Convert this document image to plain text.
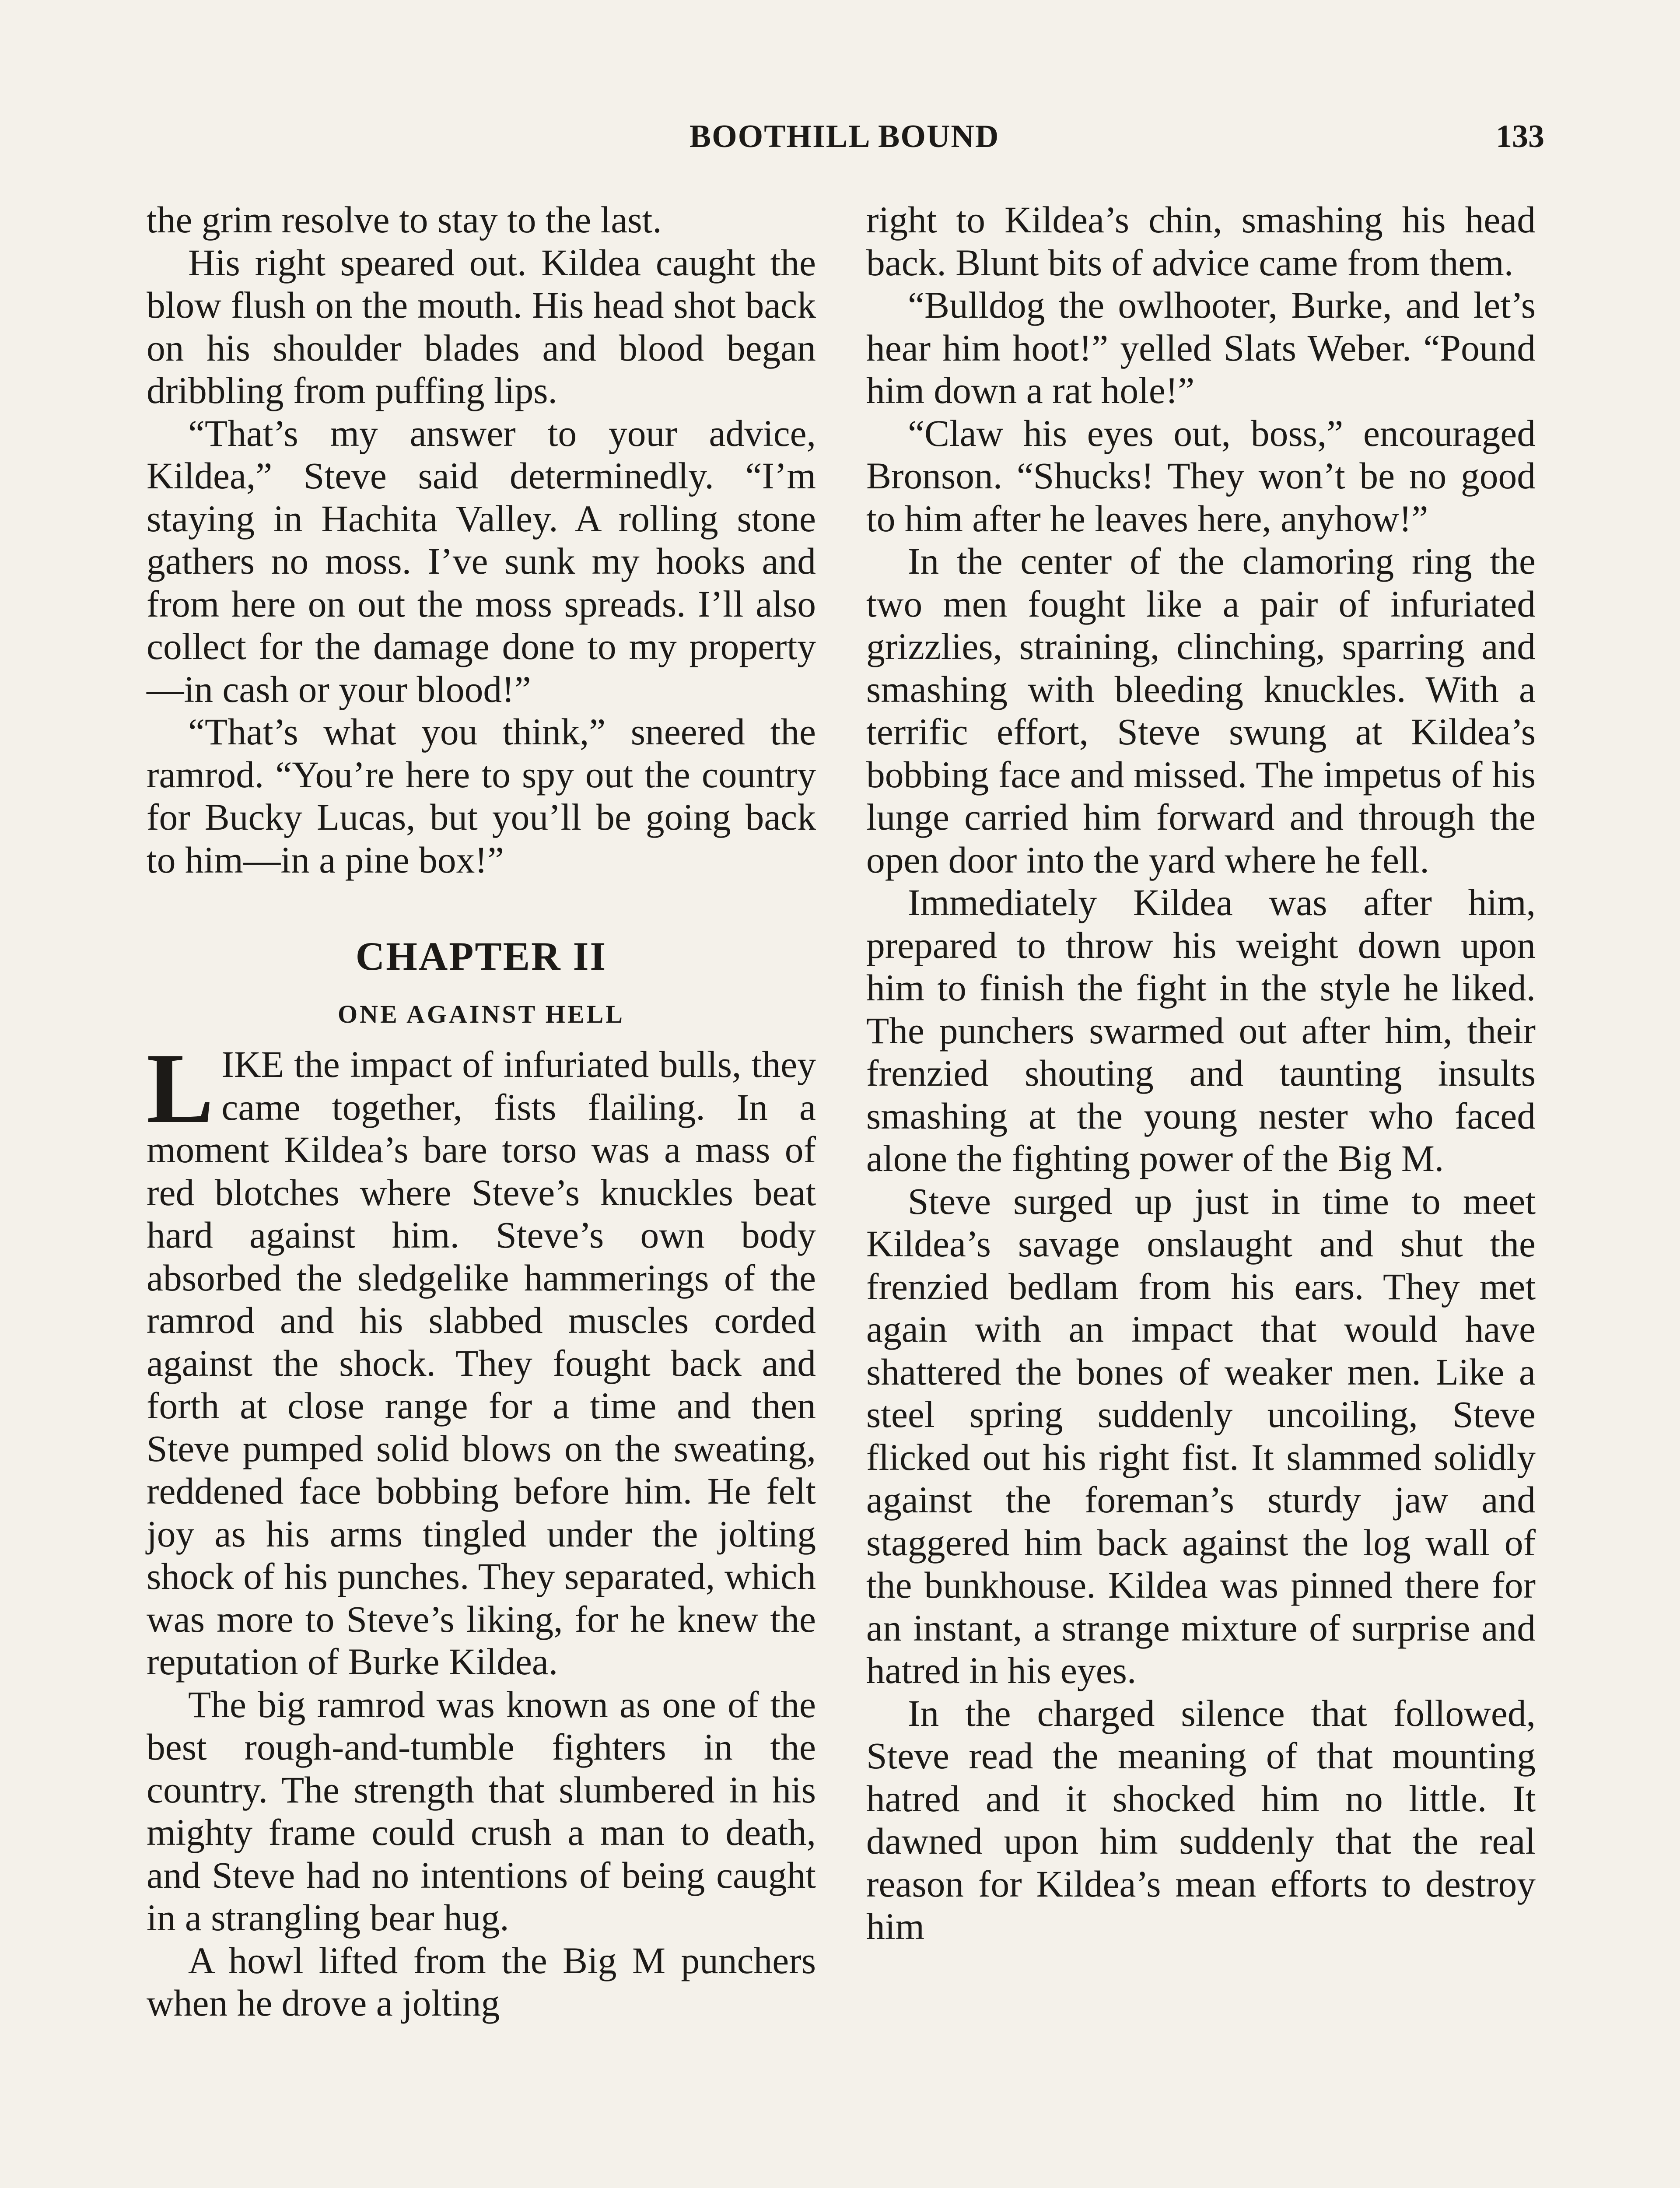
BOOTHILL BOUND	133

the grim resolve to stay to the last.

His right speared out. Kildea caught the blow flush on the mouth. His head shot back on his shoulder blades and blood began dribbling from puffing lips.

“That’s my answer to your advice, Kildea,” Steve said determinedly. “I’m staying in Hachita Valley. A rolling stone gathers no moss. I’ve sunk my hooks and from here on out the moss spreads. I’ll also collect for the damage done to my property—in cash or your blood!”

“That’s what you think,” sneered the ramrod. “You’re here to spy out the country for Bucky Lucas, but you’ll be going back to him—in a pine box!”

CHAPTER II
ONE AGAINST HELL

LIKE the impact of infuriated bulls, they came together, fists flailing. In a moment Kildea’s bare torso was a mass of red blotches where Steve’s knuckles beat hard against him. Steve’s own body absorbed the sledgelike hammerings of the ramrod and his slabbed muscles corded against the shock. They fought back and forth at close range for a time and then Steve pumped solid blows on the sweating, reddened face bobbing before him. He felt joy as his arms tingled under the jolting shock of his punches. They separated, which was more to Steve’s liking, for he knew the reputation of Burke Kildea.

The big ramrod was known as one of the best rough-and-tumble fighters in the country. The strength that slumbered in his mighty frame could crush a man to death, and Steve had no intentions of being caught in a strangling bear hug.

A howl lifted from the Big M punchers when he drove a jolting

right to Kildea’s chin, smashing his head back. Blunt bits of advice came from them.

“Bulldog the owlhooter, Burke, and let’s hear him hoot!” yelled Slats Weber. “Pound him down a rat hole!”

“Claw his eyes out, boss,” encouraged Bronson. “Shucks! They won’t be no good to him after he leaves here, anyhow!”

In the center of the clamoring ring the two men fought like a pair of infuriated grizzlies, straining, clinching, sparring and smashing with bleeding knuckles. With a terrific effort, Steve swung at Kildea’s bobbing face and missed. The impetus of his lunge carried him forward and through the open door into the yard where he fell.

Immediately Kildea was after him, prepared to throw his weight down upon him to finish the fight in the style he liked. The punchers swarmed out after him, their frenzied shouting and taunting insults smashing at the young nester who faced alone the fighting power of the Big M.

Steve surged up just in time to meet Kildea’s savage onslaught and shut the frenzied bedlam from his ears. They met again with an impact that would have shattered the bones of weaker men. Like a steel spring suddenly uncoiling, Steve flicked out his right fist. It slammed solidly against the foreman’s sturdy jaw and staggered him back against the log wall of the bunkhouse. Kildea was pinned there for an instant, a strange mixture of surprise and hatred in his eyes.

In the charged silence that followed, Steve read the meaning of that mounting hatred and it shocked him no little. It dawned upon him suddenly that the real reason for Kildea’s mean efforts to destroy him
